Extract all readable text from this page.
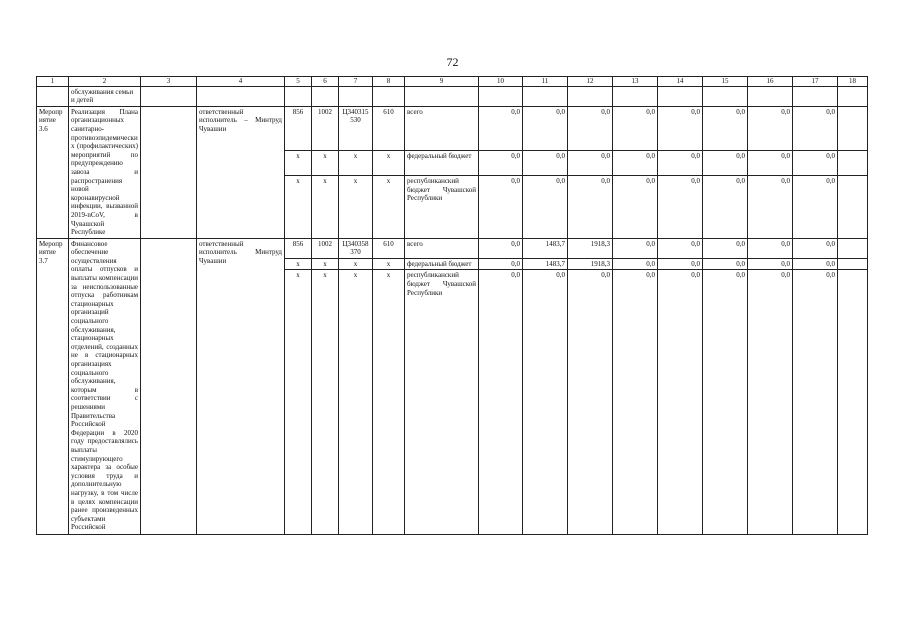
72
1	2	3	4	5	6	7	8	9	10	11	12	13	14	15	16	17	18
	обслуживания семьи и детей																
Мероприятие 3.6	Реализация Плана организационных санитарно-противоэпидемических (профилактических) мероприятий по предупреждению завоза и распространения новой коронавирусной инфекции, вызванной 2019-nCoV, в Чувашской Республике		ответственный исполнитель – Минтруд Чувашии	856	1002	Ц340315530	610	всего	0,0	0,0	0,0	0,0	0,0	0,0	0,0	0,0	
				x	x	x	x	федеральный бюджет	0,0	0,0	0,0	0,0	0,0	0,0	0,0	0,0	
				x	x	x	x	республиканский бюджет Чувашской Республики	0,0	0,0	0,0	0,0	0,0	0,0	0,0	0,0	
Мероприятие 3.7	Финансовое обеспечение осуществления оплаты отпусков и выплаты компенсации за неиспользованные отпуска работникам стационарных организаций социального обслуживания, стационарных отделений, созданных не в стационарных организациях социального обслуживания, которым в соответствии с решениями Правительства Российской Федерации в 2020 году предоставлялись выплаты стимулирующего характера за особые условия труда и дополнительную нагрузку, в том числе в целях компенсации ранее произведенных субъектами Российской		ответственный исполнитель Минтруд Чувашии	856	1002	Ц340358370	610	всего	0,0	1483,7	1918,3	0,0	0,0	0,0	0,0	0,0	
				x	x	x	x	федеральный бюджет	0,0	1483,7	1918,3	0,0	0,0	0,0	0,0	0,0	
				x	x	x	x	республиканский бюджет Чувашской Республики	0,0	0,0	0,0	0,0	0,0	0,0	0,0	0,0	
